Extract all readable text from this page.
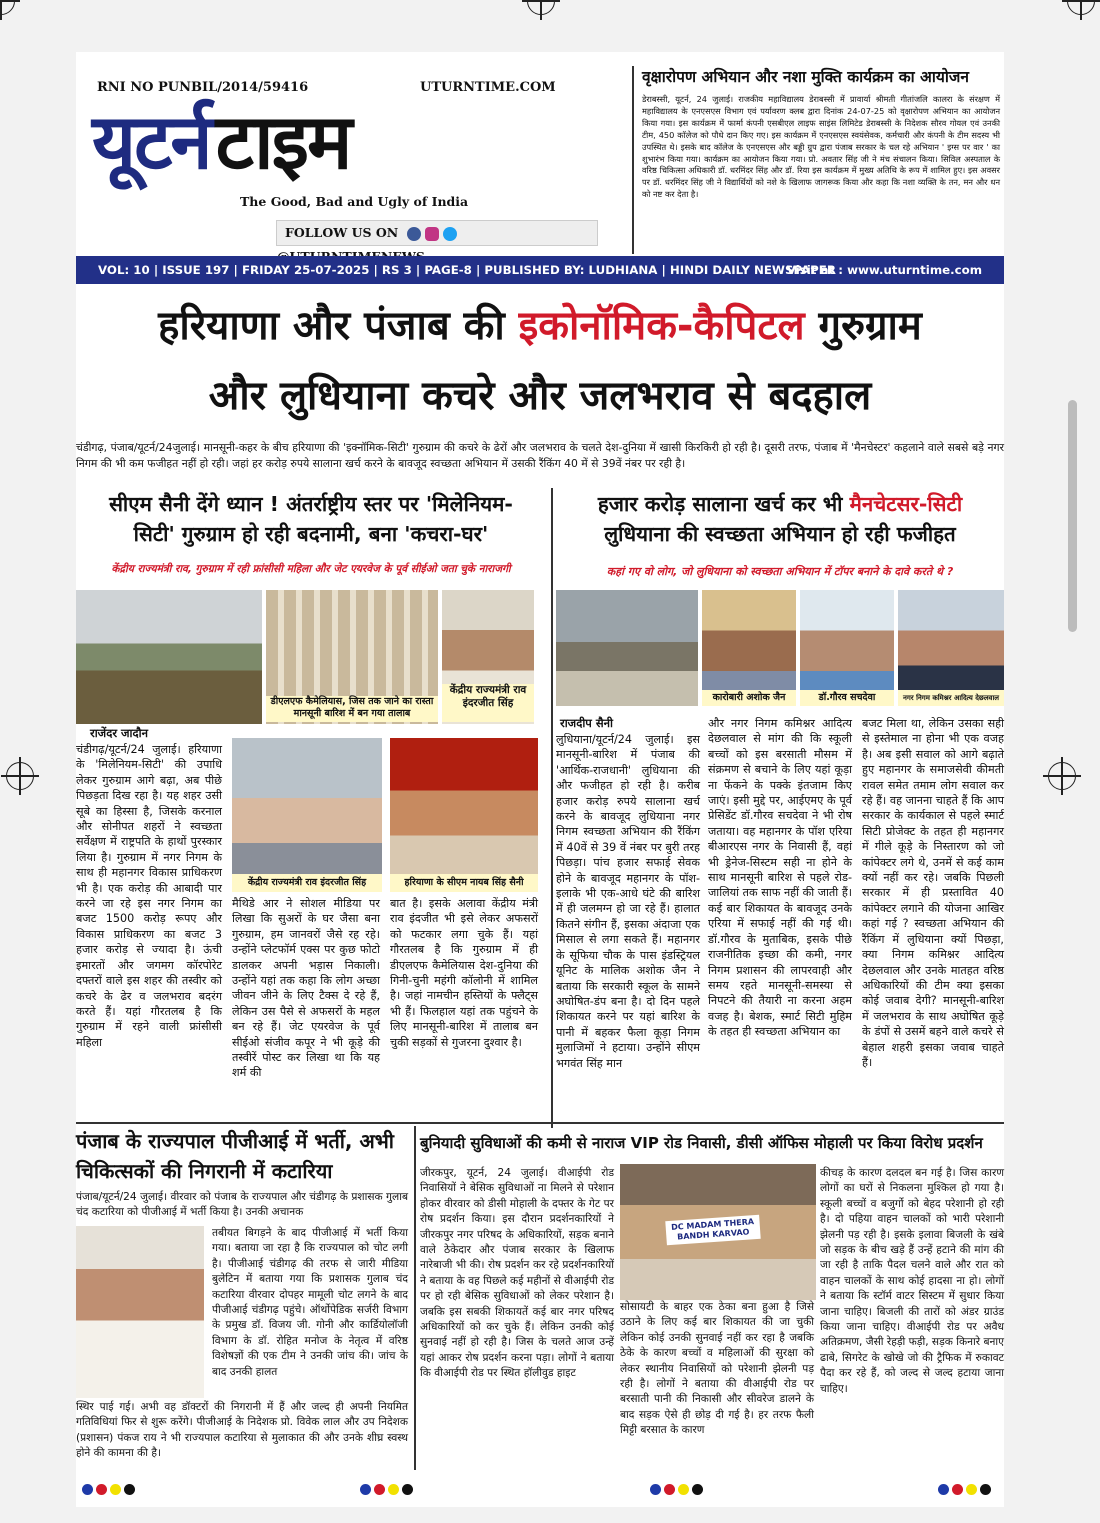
RNI NO PUNBIL/2014/59416	UTURNTIME.COM
यूटर्न टाइम
The Good, Bad and Ugly of India
FOLLOW US ON
वृक्षारोपण अभियान और नशा मुक्ति कार्यक्रम का आयोजन
डेराबस्सी, यूटर्न, 24 जुलाई। राजकीय महाविद्यालय डेराबस्सी में प्रावार्या श्रीमती गीतांजलि कालरा के संरक्षण में महाविद्यालय के एनएसएस विभाग एवं पर्यावरण क्लब द्वारा दिनांक 24-07-25 को वृक्षारोपण अभियान का आयोजन किया गया। इस कार्यक्रम में फार्मा कंपनी एसबीएल लाइफ साइंस लिमिटेड डेराबस्सी के निदेशक सौरव गोयल एवं उनकी टीम, 450 कॉलेज को पौधे दान किए गए। इस कार्यक्रम में एनएसएस स्वयंसेवक, कर्मचारी और कंपनी के टीम सदस्य भी उपस्थित थे। इसके बाद कॉलेज के एनएसएस और बड्डी ग्रुप द्वारा पंजाब सरकार के चल रहे अभियान ' इग्स पर वार ' का शुभारंभ किया गया। कार्यक्रम का आयोजन किया गया। प्रो. अवतार सिंह जी ने मंच संचालन किया। सिविल अस्पताल के वरिष्ठ चिकित्सा अधिकारी डॉ. धरमिंदर सिंह और डॉ. रिया इस कार्यक्रम में मुख्य अतिथि के रूप में शामिल हुए। इस अवसर पर डॉ. धरमिंदर सिंह जी ने विद्यार्थियों को नशे के खिलाफ जागरूक किया और कहा कि नशा व्यक्ति के तन, मन और धन को नष्ट कर देता है।
VOL: 10 | ISSUE 197 | FRIDAY 25-07-2025 | RS 3 | PAGE-8 | PUBLISHED BY: LUDHIANA | HINDI DAILY NEWSPAPER
Visit at : www.uturntime.com
हरियाणा और पंजाब की इकोनॉमिक-कैपिटल गुरुग्राम
और लुधियाना कचरे और जलभराव से बदहाल
चंडीगढ़, पंजाब/यूटर्न/24जुलाई। मानसूनी-कहर के बीच हरियाणा की 'इक्नॉमिक-सिटी' गुरुग्राम की कचरे के ढेरों और जलभराव के चलते देश-दुनिया में खासी किरकिरी हो रही है। दूसरी तरफ, पंजाब में 'मैनचेस्टर' कहलाने वाले सबसे बड़े नगर निगम की भी कम फजीहत नहीं हो रही। जहां हर करोड़ रुपये सालाना खर्च करने के बावजूद स्वच्छता अभियान में उसकी रैंकिंग 40 में से 39वें नंबर पर रही है।
सीएम सैनी देंगे ध्यान ! अंतर्राष्ट्रीय स्तर पर 'मिलेनियम-
सिटी' गुरुग्राम हो रही बदनामी, बना 'कचरा-घर'
केंद्रीय राज्यमंत्री राव, गुरुग्राम में रही फ्रांसीसी महिला और जेट एयरवेज के पूर्व सीईओ जता चुके नाराजगी
हजार करोड़ सालाना खर्च कर भी मैनचेटसर-सिटी
लुधियाना की स्वच्छता अभियान हो रही फजीहत
कहां गए वो लोग, जो लुधियाना को स्वच्छता अभियान में टॉपर बनाने के दावे करते थे ?
डीएलएफ कैमेलियास, जिस तक जाने का रास्ता मानसूनी बारिश में बन गया तालाब
केंद्रीय राज्यमंत्री राव इंदरजीत सिंह
राजेंदर जादौन
चंडीगढ़/यूटर्न/24 जुलाई। हरियाणा के 'मिलेनियम-सिटी' की उपाधि लेकर गुरुग्राम आगे बढ़ा, अब पीछे पिछड़ता दिख रहा है। यह शहर उसी सूबे का हिस्सा है, जिसके करनाल और सोनीपत शहरों ने स्वच्छता सर्वेक्षण में राष्ट्रपति के हाथों पुरस्कार लिया है। गुरुग्राम में नगर निगम के साथ ही महानगर विकास प्राधिकरण भी है। एक करोड़ की आबादी पार करने जा रहे इस नगर निगम का बजट 1500 करोड़ रूपए और विकास प्राधिकरण का बजट 3 हजार करोड़ से ज्यादा है। ऊंची इमारतों और जगमग कॉरपोरेट दफ्तरों वाले इस शहर की तस्वीर को कचरे के ढेर व जलभराव बदरंग करते हैं। यहां गौरतलब है कि गुरुग्राम में रहने वाली फ्रांसीसी महिला
केंद्रीय राज्यमंत्री राव इंदरजीत सिंह	हरियाणा के सीएम नायब सिंह सैनी
मैथिडे आर ने सोशल मीडिया पर लिखा कि सुअरों के घर जैसा बना गुरुग्राम, हम जानवरों जैसे रह रहे। उन्होंने प्लेटफॉर्म एक्स पर कुछ फोटो डालकर अपनी भड़ास निकाली। उन्होंने यहां तक कहा कि लोग अच्छा जीवन जीने के लिए टैक्स दे रहे हैं, लेकिन उस पैसे से अफसरों के महल बन रहे हैं। जेट एयरवेज के पूर्व सीईओ संजीव कपूर ने भी कूड़े की तस्वीरें पोस्ट कर लिखा था कि यह शर्म की
बात है। इसके अलावा केंद्रीय मंत्री राव इंदजीत भी इसे लेकर अफसरों को फटकार लगा चुके हैं। यहां गौरतलब है कि गुरुग्राम में ही डीएलएफ कैमेलियास देश-दुनिया की गिनी-चुनी महंगी कॉलोनी में शामिल है। जहां नामचीन हस्तियों के फ्लैट्स भी हैं। फिलहाल यहां तक पहुंचने के लिए मानसूनी-बारिश में तालाब बन चुकी सड़कों से गुजरना दुश्वार है।
कारोबारी अशोक जैन	डॉ.गौरव सचदेवा	नगर निगम कमिश्नर आदित्य देछलवाल
राजदीप सैनी
लुधियाना/यूटर्न/24 जुलाई। इस मानसूनी-बारिश में पंजाब की 'आर्थिक-राजधानी' लुधियाना की और फजीहत हो रही है। करीब हजार करोड़ रुपये सालाना खर्च करने के बावजूद लुधियाना नगर निगम स्वच्छता अभियान की रैंकिंग में 40वें से 39 वें नंबर पर बुरी तरह पिछड़ा। पांच हजार सफाई सेवक होने के बावजूद महानगर के पॉश-इलाके भी एक-आधे घंटे की बारिश में ही जलमग्न हो जा रहे हैं। हालात कितने संगीन हैं, इसका अंदाजा एक मिसाल से लगा सकते हैं। महानगर के सूफिया चौक के पास इंडस्ट्रियल यूनिट के मालिक अशोक जैन ने बताया कि सरकारी स्कूल के सामने अघोषित-डंप बना है। दो दिन पहले शिकायत करने पर यहां बारिश के पानी में बहकर फैला कूड़ा निगम मुलाजिमों ने हटाया। उन्होंने सीएम भगवंत सिंह मान
और नगर निगम कमिश्नर आदित्य देछलवाल से मांग की कि स्कूली बच्चों को इस बरसाती मौसम में संक्रमण से बचाने के लिए यहां कूड़ा ना फेंकने के पक्के इंतजाम किए जाएं। इसी मुद्दे पर, आईएमए के पूर्व प्रेसिडेंट डॉ.गौरव सचदेवा ने भी रोष जताया। वह महानगर के पॉश एरिया बीआरएस नगर के निवासी हैं, वहां भी ड्रेनेज-सिस्टम सही ना होने के साथ मानसूनी बारिश से पहले रोड-जालियां तक साफ नहीं की जाती हैं। कई बार शिकायत के बावजूद उनके एरिया में सफाई नहीं की गई थी। डॉ.गौरव के मुताबिक, इसके पीछे राजनीतिक इच्छा की कमी, नगर निगम प्रशासन की लापरवाही और समय रहते मानसूनी-समस्या से निपटने की तैयारी ना करना अहम वजह है। बेशक, स्मार्ट सिटी मुहिम के तहत ही स्वच्छता अभियान का
बजट मिला था, लेकिन उसका सही से इस्तेमाल ना होना भी एक वजह है। अब इसी सवाल को आगे बढ़ाते हुए महानगर के समाजसेवी कीमती रावल समेत तमाम लोग सवाल कर रहे हैं। वह जानना चाहते हैं कि आप सरकार के कार्यकाल से पहले स्मार्ट सिटी प्रोजेक्ट के तहत ही महानगर में गीले कूड़े के निस्तारण को जो कांपेक्टर लगे थे, उनमें से कई काम क्यों नहीं कर रहे। जबकि पिछली सरकार में ही प्रस्तावित 40 कांपेक्टर लगाने की योजना आखिर कहां गई ? स्वच्छता अभियान की रैंकिंग में लुधियाना क्यों पिछड़ा, क्या निगम कमिश्नर आदित्य देछलवाल और उनके मातहत वरिष्ठ अधिकारियों की टीम क्या इसका कोई जवाब देगी? मानसूनी-बारिश में जलभराव के साथ अघोषित कूड़े के डंपों से उसमें बहने वाले कचरे से बेहाल शहरी इसका जवाब चाहते हैं।
पंजाब के राज्यपाल पीजीआई में भर्ती, अभी
चिकित्सकों की निगरानी में कटारिया
पंजाब/यूटर्न/24 जुलाई। वीरवार को पंजाब के राज्यपाल और चंडीगढ़ के प्रशासक गुलाब चंद कटारिया को पीजीआई में भर्ती किया है। उनकी अचानक
तबीयत बिगड़ने के बाद पीजीआई में भर्ती किया गया। बताया जा रहा है कि राज्यपाल को चोट लगी है। पीजीआई चंडीगढ़ की तरफ से जारी मीडिया बुलेटिन में बताया गया कि प्रशासक गुलाब चंद कटारिया वीरवार दोपहर मामूली चोट लगने के बाद पीजीआई चंडीगढ़ पहुंचे। ऑर्थोपेडिक सर्जरी विभाग के प्रमुख डॉ. विजय जी. गोनी और कार्डियोलॉजी विभाग के डॉ. रोहित मनोज के नेतृत्व में वरिष्ठ विशेषज्ञों की एक टीम ने उनकी जांच की। जांच के बाद उनकी हालत
स्थिर पाई गई। अभी वह डॉक्टरों की निगरानी में हैं और जल्द ही अपनी नियमित गतिविधियां फिर से शुरू करेंगे। पीजीआई के निदेशक प्रो. विवेक लाल और उप निदेशक (प्रशासन) पंकज राय ने भी राज्यपाल कटारिया से मुलाकात की और उनके शीघ्र स्वस्थ होने की कामना की है।
बुनियादी सुविधाओं की कमी से नाराज VIP रोड निवासी, डीसी ऑफिस मोहाली पर किया विरोध प्रदर्शन
जीरकपुर, यूटर्न, 24 जुलाई। वीआईपी रोड निवासियों ने बेसिक सुविधाओं ना मिलने से परेशान होकर वीरवार को डीसी मोहाली के दफ्तर के गेट पर रोष प्रदर्शन किया। इस दौरान प्रदर्शनकारियों ने जीरकपुर नगर परिषद के अधिकारियों, सड़क बनाने वाले ठेकेदार और पंजाब सरकार के खिलाफ नारेबाजी भी की। रोष प्रदर्शन कर रहे प्रदर्शनकारियों ने बताया के वह पिछले कई महीनों से वीआईपी रोड पर हो रही बेसिक सुविधाओं को लेकर परेशान है। जबकि इस सबकी शिकायतें कई बार नगर परिषद अधिकारियों को कर चुके हैं। लेकिन उनकी कोई सुनवाई नहीं हो रही है। जिस के चलते आज उन्हें यहां आकर रोष प्रदर्शन करना पड़ा। लोगों ने बताया कि वीआईपी रोड पर स्थित हॉलीवुड हाइट
DC MADAM THERA BANDH KARVAO
सोसायटी के बाहर एक ठेका बना हुआ है जिसे उठाने के लिए कई बार शिकायत की जा चुकी लेकिन कोई उनकी सुनवाई नहीं कर रहा है जबकि ठेके के कारण बच्चों व महिलाओं की सुरक्षा को लेकर स्थानीय निवासियों को परेशानी झेलनी पड़ रही है। लोगों ने बताया की वीआईपी रोड पर बरसाती पानी की निकासी और सीवरेज डालने के बाद सड़क ऐसे ही छोड़ दी गई है। हर तरफ फैली मिट्टी बरसात के कारण
कीचड़ के कारण दलदल बन गई है। जिस कारण लोगों का घरों से निकलना मुश्किल हो गया है। स्कूली बच्चों व बजुर्गो को बेहद परेशानी हो रही है। दो पहिया वाहन चालकों को भारी परेशानी झेलनी पड़ रही है। इसके इलावा बिजली के खंबे जो सड़क के बीच खड़े हैं उन्हें हटाने की मांग की जा रही है ताकि पैदल चलने वाले और रात को वाहन चालकों के साथ कोई हादसा ना हो। लोगों ने बताया कि स्टॉर्म वाटर सिस्टम में सुधार किया जाना चाहिए। बिजली की तारों को अंडर ग्राउंड किया जाना चाहिए। वीआईपी रोड पर अवैध अतिक्रमण, जैसी रेहड़ी फड़ी, सड़क किनारे बनाए ढाबे, सिगरेट के खोखे जो की ट्रैफिक में रुकावट पैदा कर रहे हैं, को जल्द से जल्द हटाया जाना चाहिए।
